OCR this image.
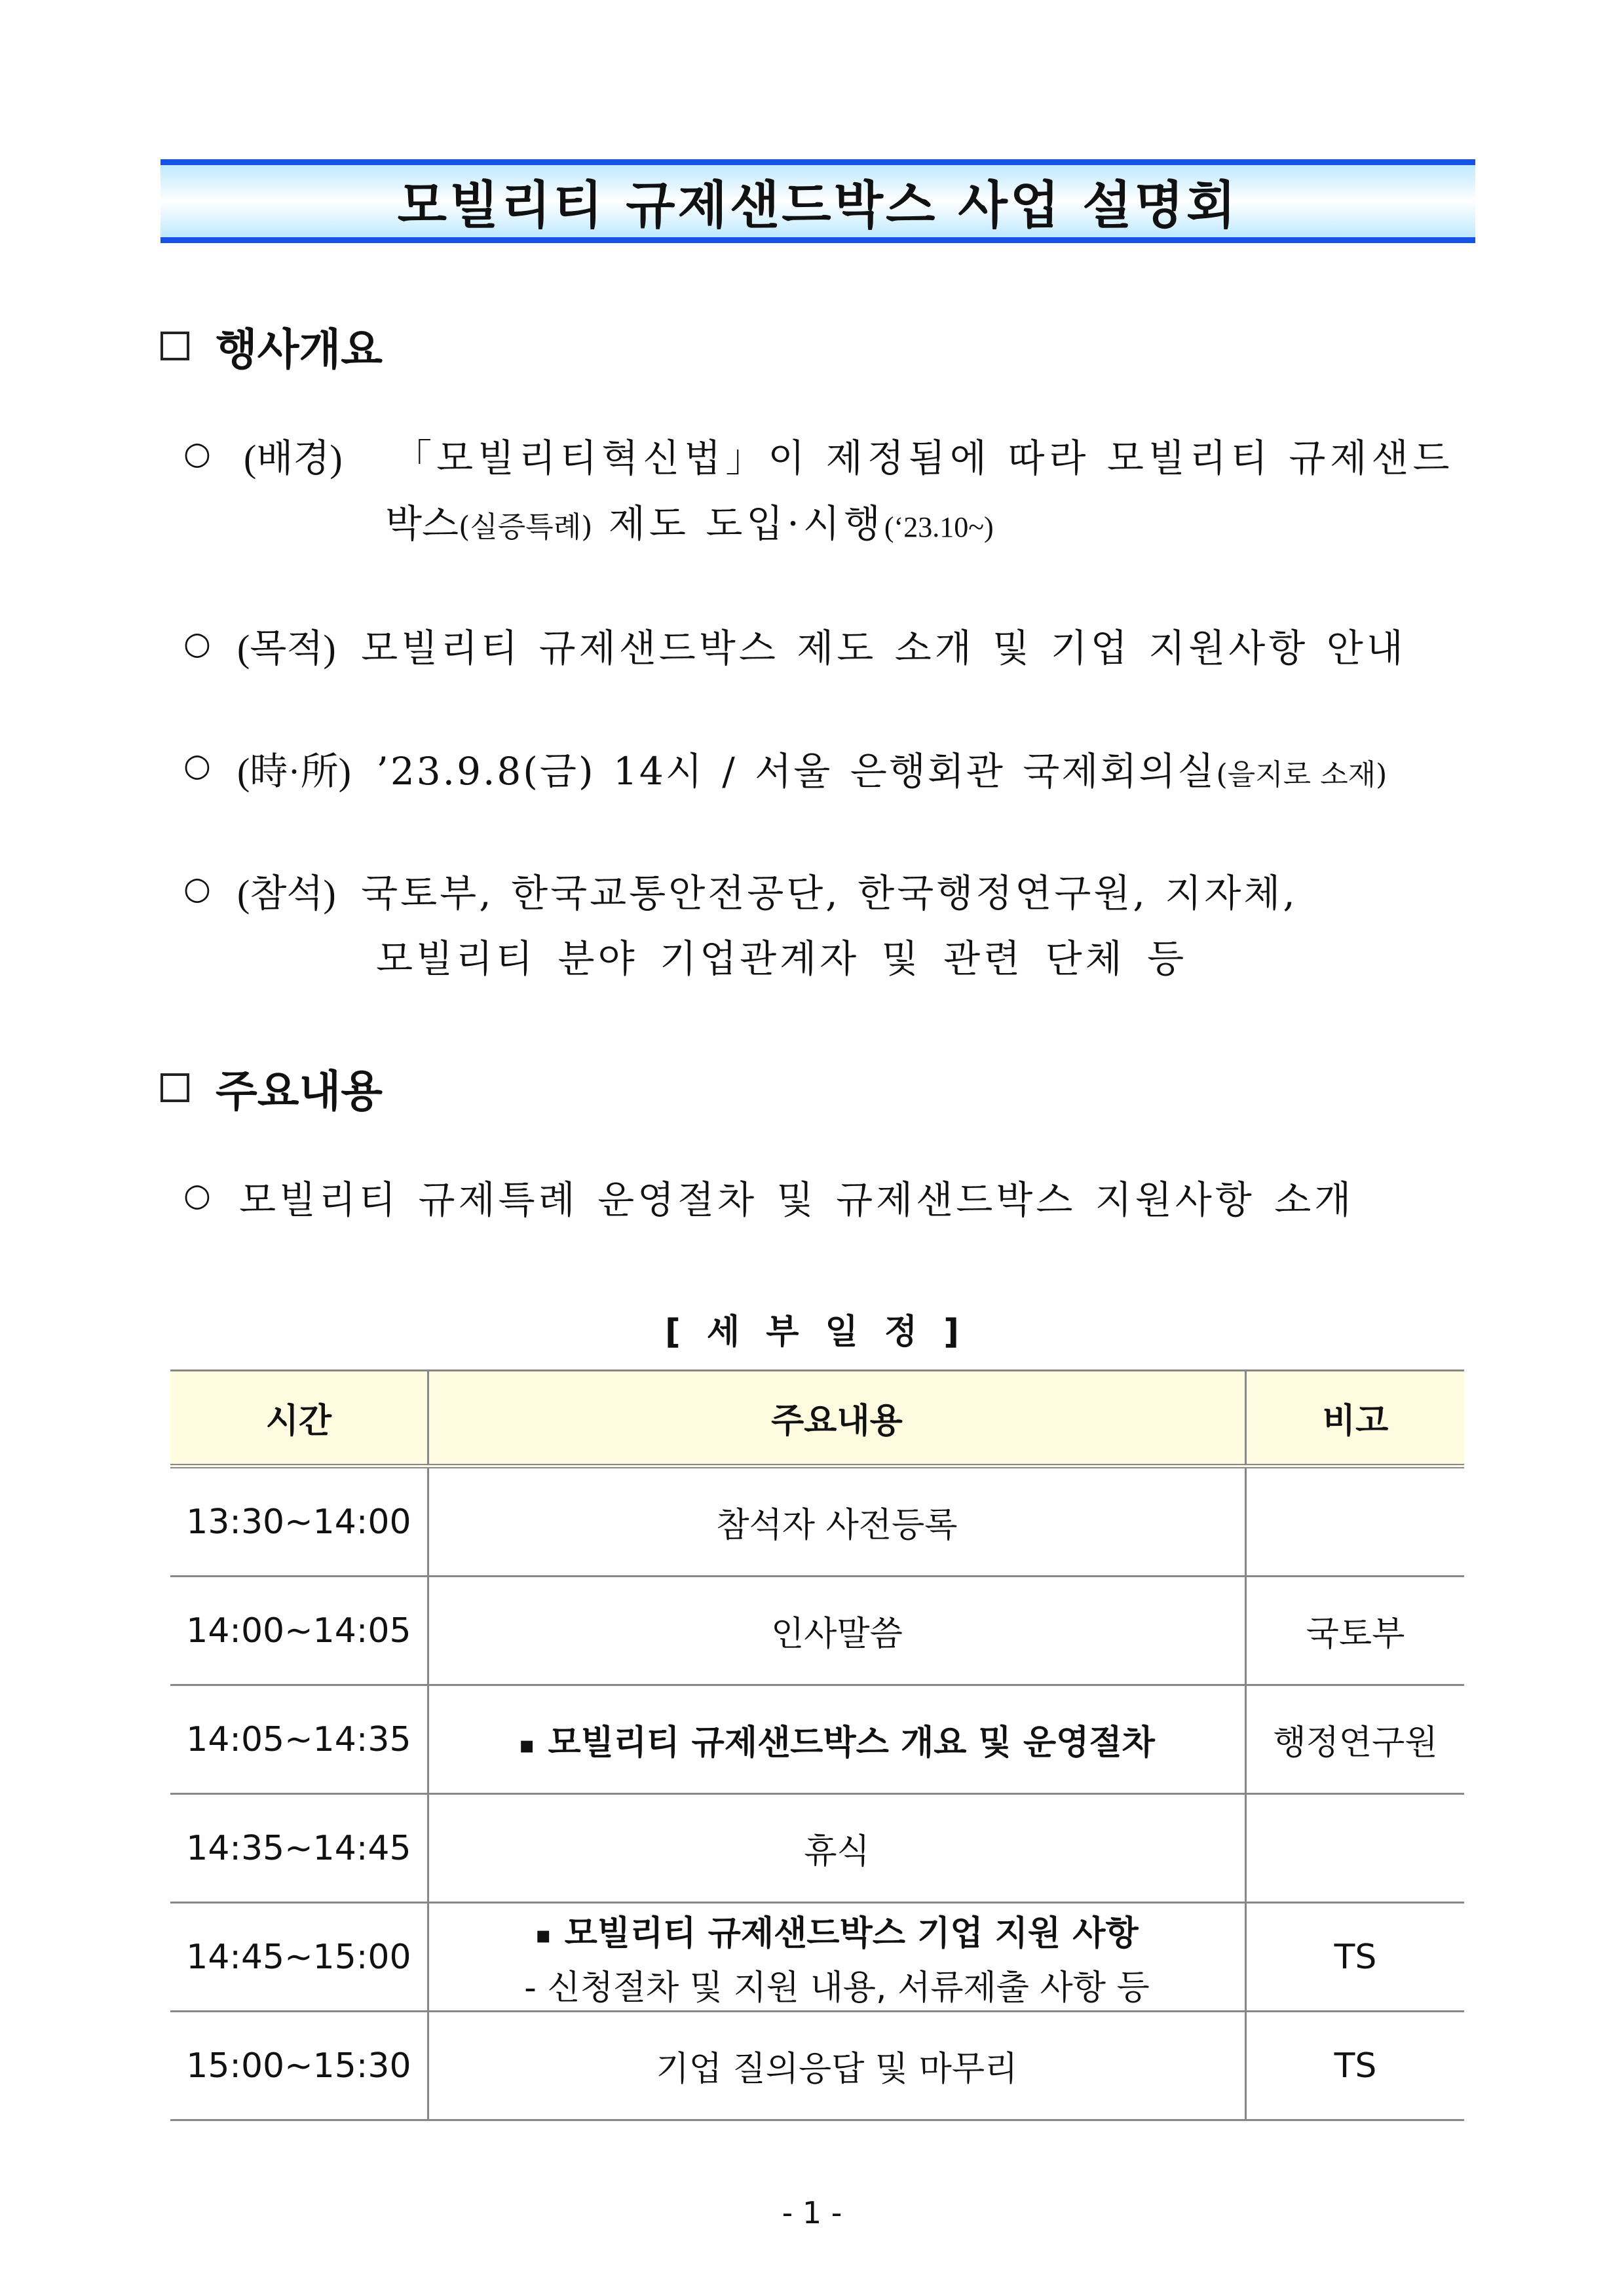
모빌리티 규제샌드박스 사업 설명회
행사개요
○ (배경) 「모빌리티혁신법」이 제정됨에 따라 모빌리티 규제샌드
박스(실증특례) 제도 도입·시행(‘23.10~)
○ (목적) 모빌리티 규제샌드박스 제도 소개 및 기업 지원사항 안내
○ (時·所) ’23.9.8(금) 14시 / 서울 은행회관 국제회의실(을지로 소재)
○ (참석) 국토부, 한국교통안전공단, 한국행정연구원, 지자체,
모빌리티 분야 기업관계자 및 관련 단체 등
주요내용
○ 모빌리티 규제특례 운영절차 및 규제샌드박스 지원사항 소개
[ 세 부 일 정 ]
시간	주요내용	비고
13:30~14:00	참석자 사전등록	
14:00~14:05	인사말씀	국토부
14:05~14:35	▪ 모빌리티 규제샌드박스 개요 및 운영절차	행정연구원
14:35~14:45	휴식	
14:45~15:00	▪ 모빌리티 규제샌드박스 기업 지원 사항
- 신청절차 및 지원 내용, 서류제출 사항 등	TS
15:00~15:30	기업 질의응답 및 마무리	TS
- 1 -
